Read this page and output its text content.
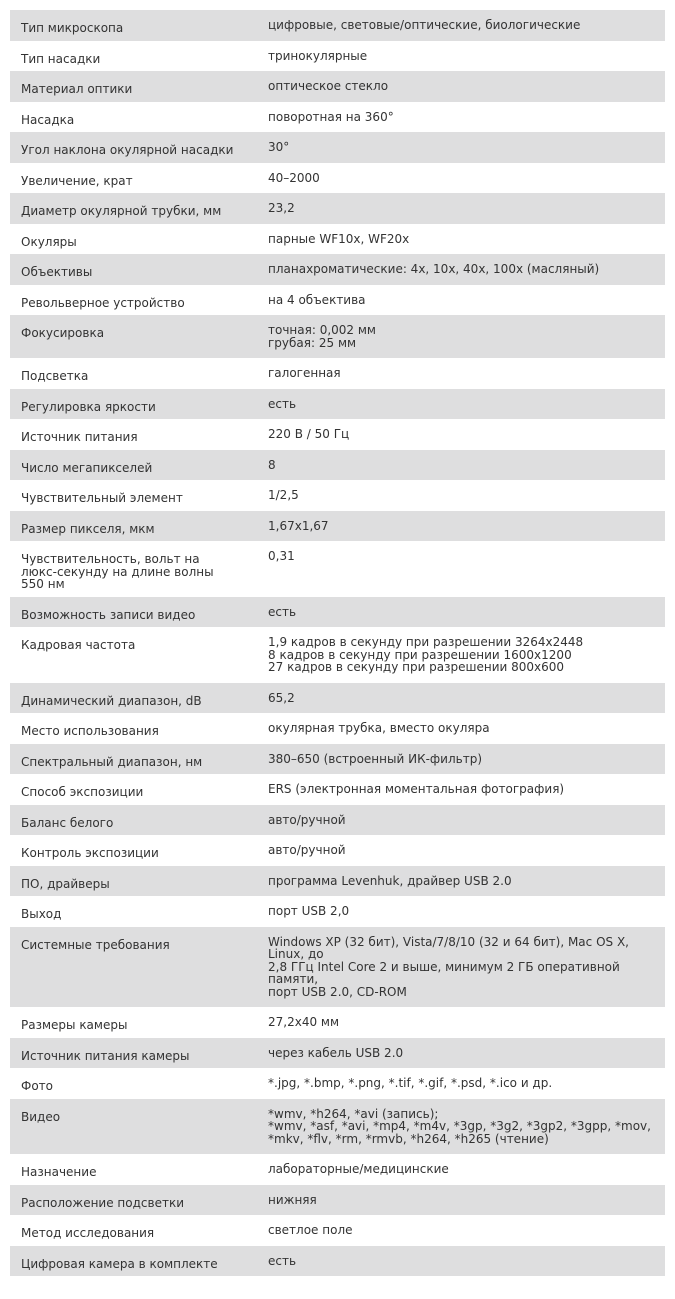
Тип микроскопа	цифровые, световые/оптические, биологические
Тип насадки	тринокулярные
Материал оптики	оптическое стекло
Насадка	поворотная на 360°
Угол наклона окулярной насадки	30°
Увеличение, крат	40–2000
Диаметр окулярной трубки, мм	23,2
Окуляры	парные WF10x, WF20x
Объективы	планахроматические: 4x, 10x, 40x, 100x (масляный)
Револьверное устройство	на 4 объектива
Фокусировка	точная: 0,002 мм
грубая: 25 мм
Подсветка	галогенная
Регулировка яркости	есть
Источник питания	220 В / 50 Гц
Число мегапикселей	8
Чувствительный элемент	1/2,5
Размер пикселя, мкм	1,67x1,67
Чувствительность, вольт на
люкс-секунду на длине волны
550 нм	0,31
Возможность записи видео	есть
Кадровая частота	1,9 кадров в секунду при разрешении 3264x2448
8 кадров в секунду при разрешении 1600x1200
27 кадров в секунду при разрешении 800x600
Динамический диапазон, dB	65,2
Место использования	окулярная трубка, вместо окуляра
Спектральный диапазон, нм	380–650 (встроенный ИК-фильтр)
Способ экспозиции	ERS (электронная моментальная фотография)
Баланс белого	авто/ручной
Контроль экспозиции	авто/ручной
ПО, драйверы	программа Levenhuk, драйвер USB 2.0
Выход	порт USB 2,0
Системные требования	Windows XP (32 бит), Vista/7/8/10 (32 и 64 бит), Mac OS X, Linux, до
2,8 ГГц Intel Core 2 и выше, минимум 2 ГБ оперативной памяти,
порт USB 2.0, CD-ROM
Размеры камеры	27,2x40 мм
Источник питания камеры	через кабель USB 2.0
Фото	*.jpg, *.bmp, *.png, *.tif, *.gif, *.psd, *.ico и др.
Видео	*wmv, *h264, *avi (запись);
*wmv, *asf, *avi, *mp4, *m4v, *3gp, *3g2, *3gp2, *3gpp, *mov,
*mkv, *flv, *rm, *rmvb, *h264, *h265 (чтение)
Назначение	лабораторные/медицинские
Расположение подсветки	нижняя
Метод исследования	светлое поле
Цифровая камера в комплекте	есть
